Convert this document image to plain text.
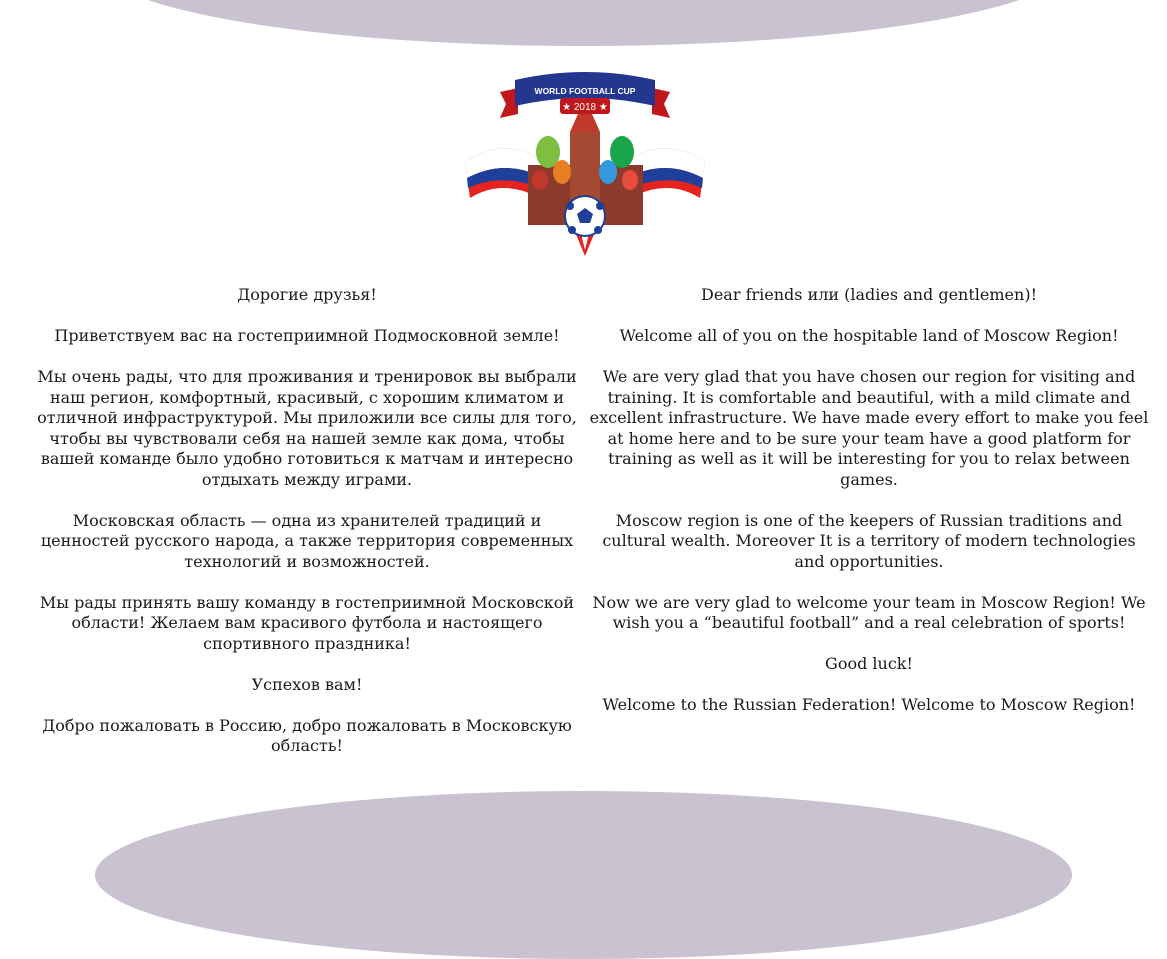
WORLD FOOTBALL CUP
★ 2018 ★

Дорогие друзья!

Приветствуем вас на гостеприимной Подмосковной земле!

Мы очень рады, что для проживания и тренировок вы выбрали наш регион, комфортный, красивый, с хорошим климатом и отличной инфраструктурой. Мы приложили все силы для того, чтобы вы чувствовали себя на нашей земле как дома, чтобы вашей команде было удобно готовиться к матчам и интересно отдыхать между играми.

Московская область — одна из хранителей традиций и ценностей русского народа, а также территория современных технологий и возможностей.

Мы рады принять вашу команду в гостеприимной Московской области! Желаем вам красивого футбола и настоящего спортивного праздника!

Успехов вам!

Добро пожаловать в Россию, добро пожаловать в Московскую область!

Dear friends или (ladies and gentlemen)!

Welcome all of you on the hospitable land of Moscow Region!

We are very glad that you have chosen our region for visiting and training. It is comfortable and beautiful, with a mild climate and excellent infrastructure. We have made every effort to make you feel at home here and to be sure your team have a good platform for training as well as it will be interesting for you to relax between games.

Moscow region is one of the keepers of Russian traditions and cultural wealth. Moreover It is a territory of modern technologies and opportunities.

Now we are very glad to welcome your team in Moscow Region! We wish you a “beautiful football” and a real celebration of sports!

Good luck!

Welcome to the Russian Federation! Welcome to Moscow Region!
